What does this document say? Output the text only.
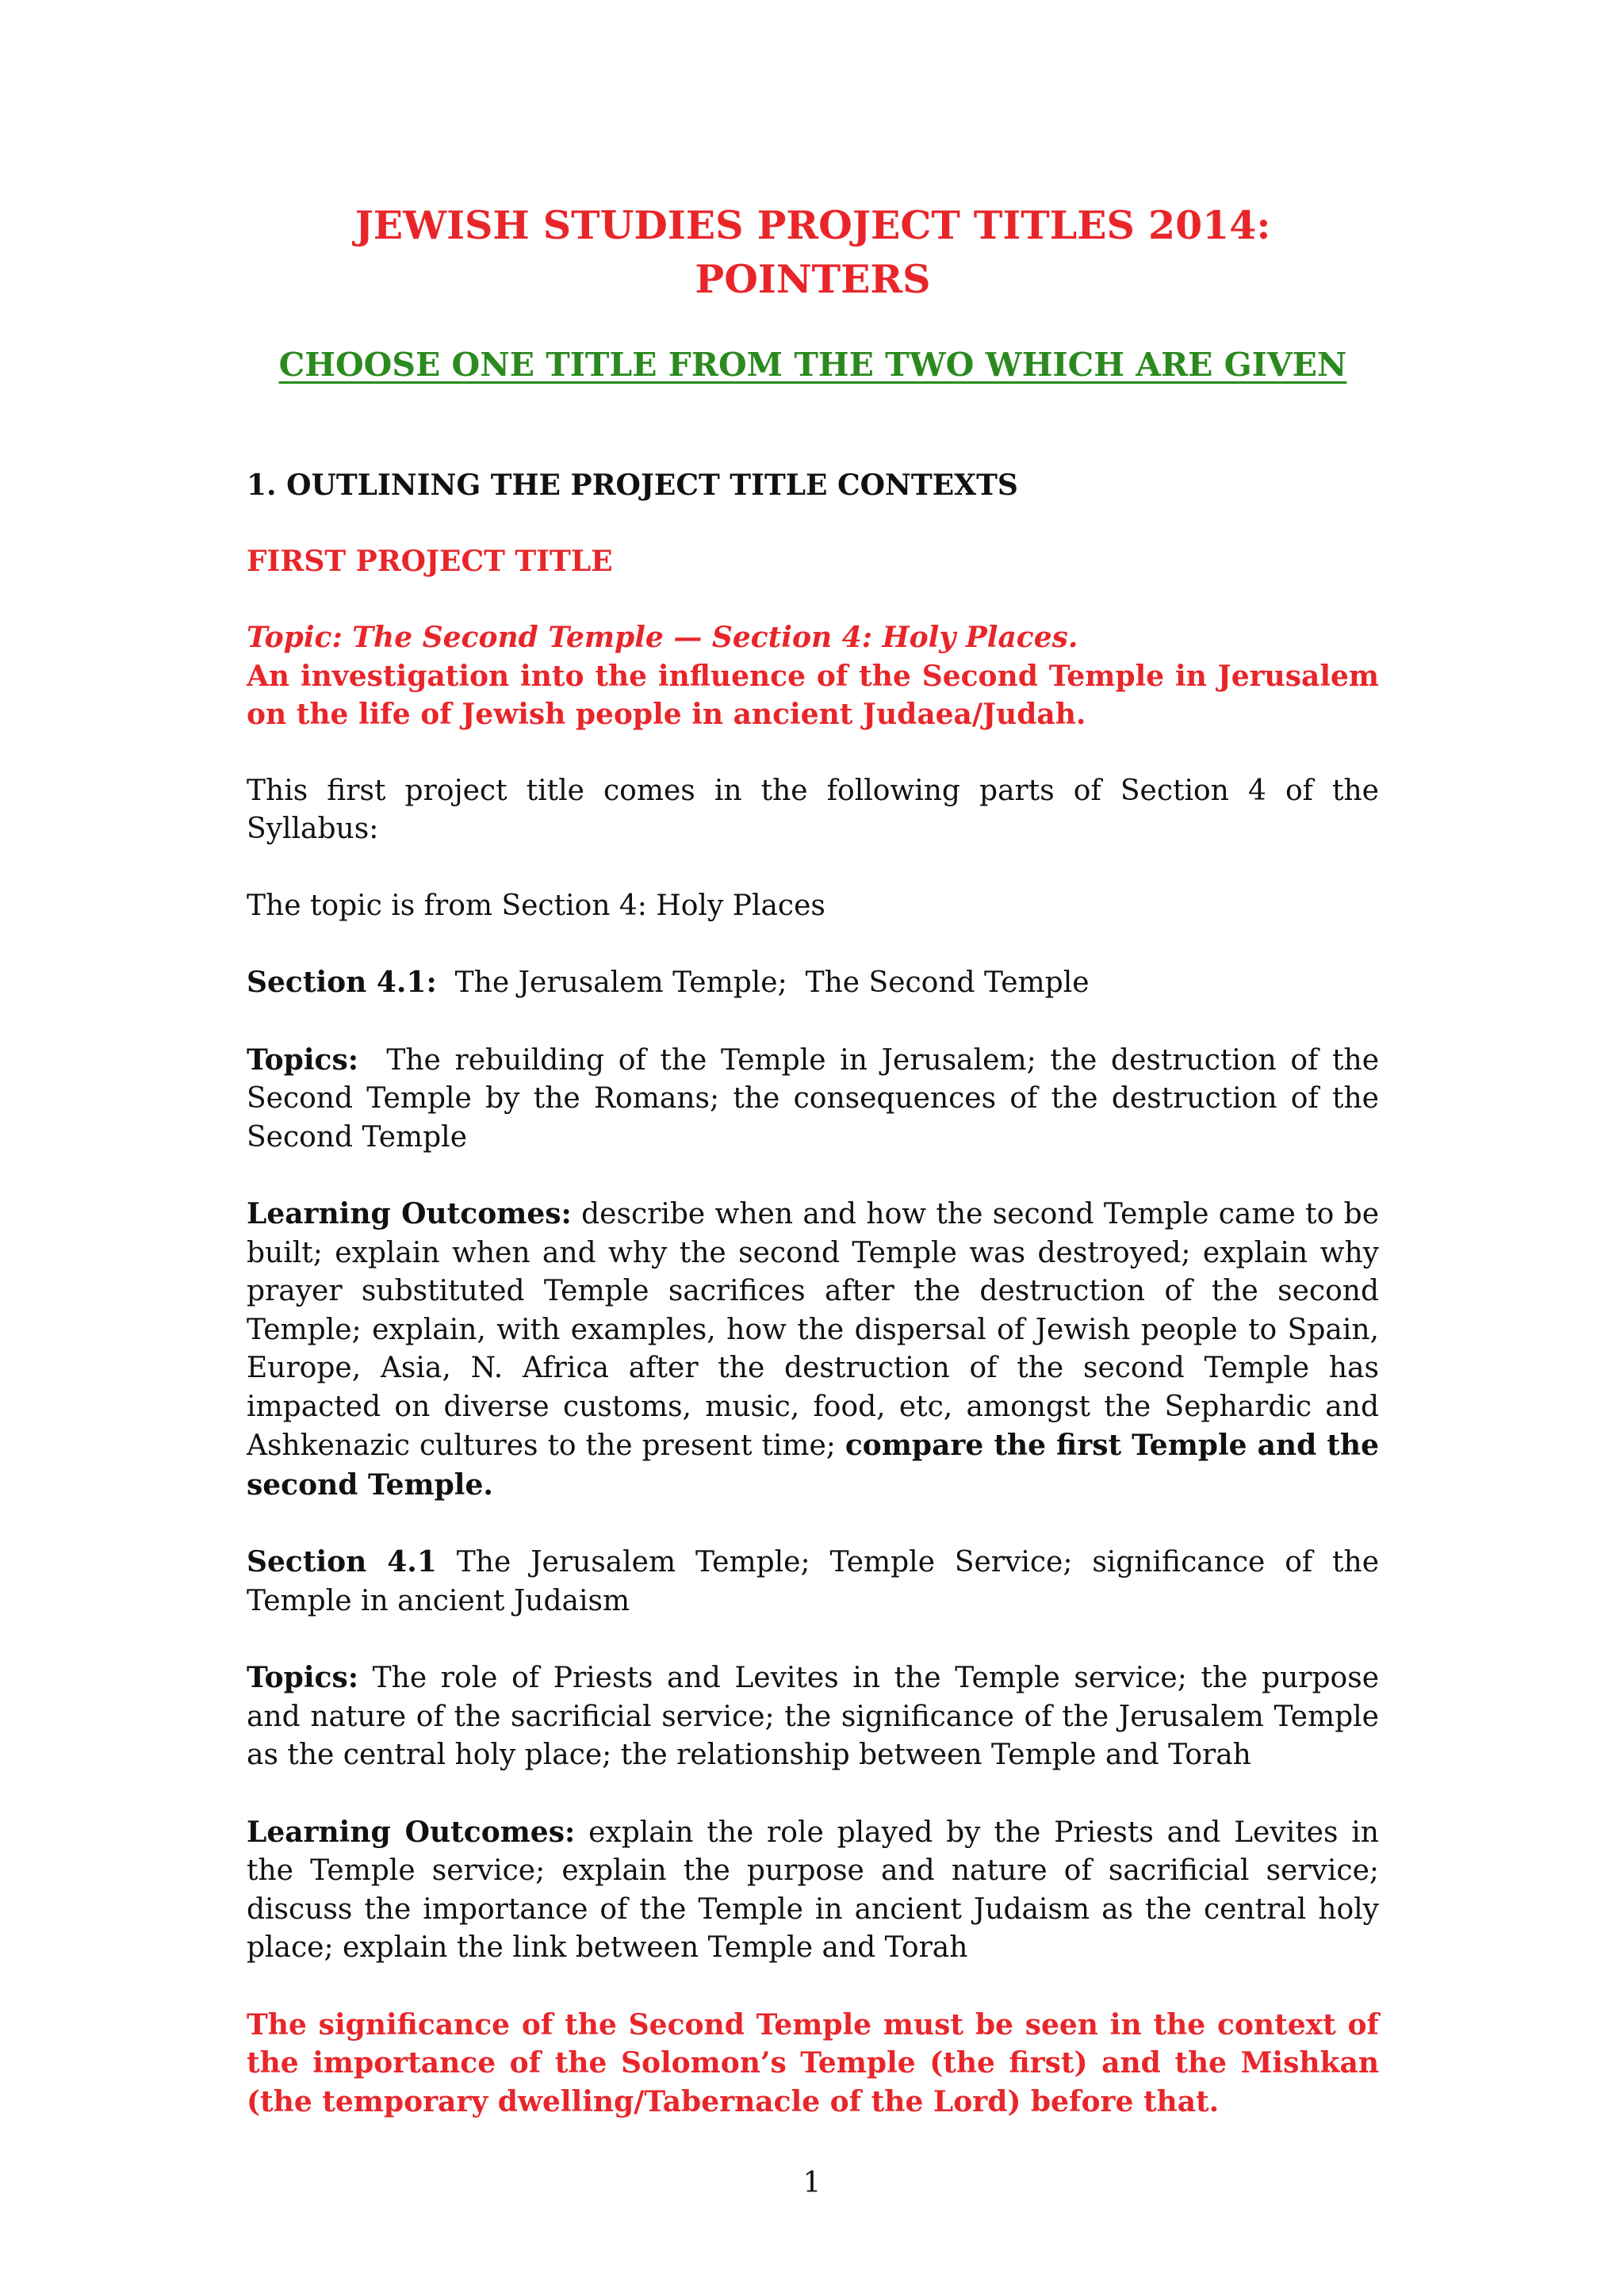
JEWISH STUDIES PROJECT TITLES 2014: POINTERS
CHOOSE ONE TITLE FROM THE TWO WHICH ARE GIVEN
1. OUTLINING THE PROJECT TITLE CONTEXTS
FIRST PROJECT TITLE
Topic: The Second Temple — Section 4: Holy Places.
An investigation into the influence of the Second Temple in Jerusalem on the life of Jewish people in ancient Judaea/Judah.
This first project title comes in the following parts of Section 4 of the Syllabus:
The topic is from Section 4: Holy Places
Section 4.1:  The Jerusalem Temple;  The Second Temple
Topics:  The rebuilding of the Temple in Jerusalem; the destruction of the Second Temple by the Romans; the consequences of the destruction of the Second Temple
Learning Outcomes: describe when and how the second Temple came to be built; explain when and why the second Temple was destroyed; explain why prayer substituted Temple sacrifices after the destruction of the second Temple; explain, with examples, how the dispersal of Jewish people to Spain, Europe, Asia, N. Africa after the destruction of the second Temple has impacted on diverse customs, music, food, etc, amongst the Sephardic and Ashkenazic cultures to the present time; compare the first Temple and the second Temple.
Section 4.1 The Jerusalem Temple; Temple Service; significance of the Temple in ancient Judaism
Topics: The role of Priests and Levites in the Temple service; the purpose and nature of the sacrificial service; the significance of the Jerusalem Temple as the central holy place; the relationship between Temple and Torah
Learning Outcomes: explain the role played by the Priests and Levites in the Temple service; explain the purpose and nature of sacrificial service; discuss the importance of the Temple in ancient Judaism as the central holy place; explain the link between Temple and Torah
The significance of the Second Temple must be seen in the context of the importance of the Solomon’s Temple (the first) and the Mishkan (the temporary dwelling/Tabernacle of the Lord) before that.
1
